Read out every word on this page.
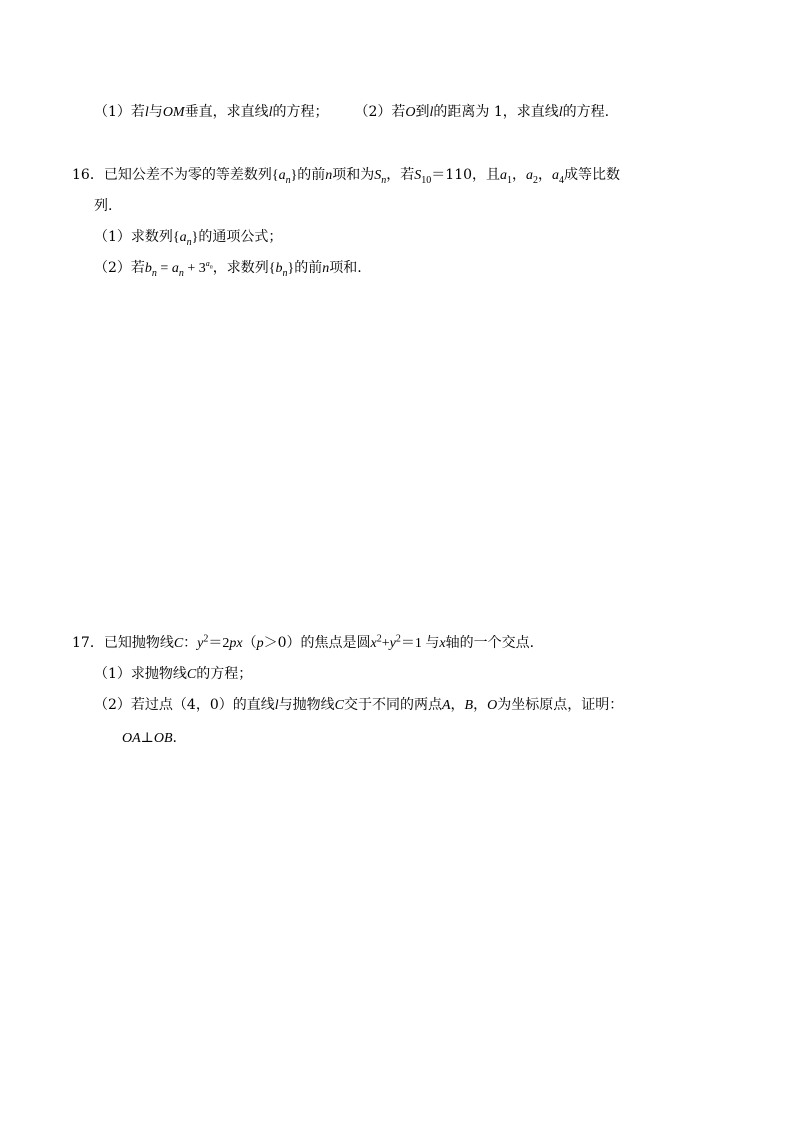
（1）若l与OM垂直，求直线l的方程； （2）若O到l的距离为 1，求直线l的方程.
16．已知公差不为零的等差数列$\{a_n\}$的前n项和为$S_n$，若$S_{10}=110$，且$a_1$，$a_2$，$a_4$成等比数
列.
（1）求数列$\{a_n\}$的通项公式；
（2）若$b_n = a_n + 3^{a_n}$，求数列$\{b_n\}$的前n项和.
17．已知抛物线C：$y^2=2px(p>0)$的焦点是圆$x^2+y^2=1$ 与x轴的一个交点.
（1）求抛物线C的方程；
（2）若过点（4，0）的直线l与抛物线C交于不同的两点A，B，O为坐标原点，证明：
OA⊥OB.
